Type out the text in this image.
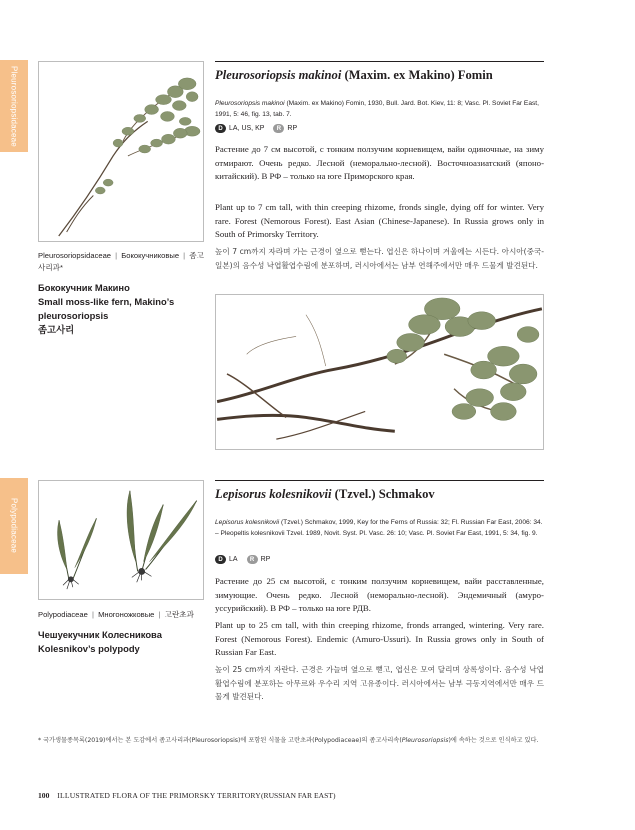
Pleurosoriopsidaceae
Polypodiaceae
Pleurosoriopsidaceae | Бококучниковые | 좀고사리과*
Бококучник Макино
Small moss-like fern, Makino’s
pleurosoriopsis
좀고사리
Pleurosoriopsis makinoi (Maxim. ex Makino) Fomin
Pleurosoriopsis makinoi (Maxim. ex Makino) Fomin, 1930, Bull. Jard. Bot. Kiev, 11: 8; Vasc. Pl. Soviet Far East, 1991, 5: 46, fig. 13, tab. 7.
D LA, US, KP	R RP
Растение до 7 см высотой, с тонким ползучим корневищем, вайи одиночные, на зиму отмирают. Очень редко. Лесной (неморально-лесной). Восточноазиатский (японо-китайский). В РФ – только на юге Приморского края.
Plant up to 7 cm tall, with thin creeping rhizome, fronds single, dying off for winter. Very rare. Forest (Nemorous Forest). East Asian (Chinese-Japanese). In Russia grows only in South of Primorsky Territory.
높이 7 cm까지 자라며 가는 근경이 옆으로 뻗는다. 엽신은 하나이며 겨울에는 시든다. 아시아(중국-일본)의 음수성 낙엽활엽수림에 분포하며, 러시아에서는 남부 연해주에서만 매우 드물게 발견된다.
Polypodiaceae | Многоножковые | 고란초과
Чешуекучник Колесникова
Kolesnikov’s polypody
Lepisorus kolesnikovii (Tzvel.) Schmakov
Lepisorus kolesnikovii (Tzvel.) Schmakov, 1999, Key for the Ferns of Russia: 32; Fl. Russian Far East, 2006: 34. – Pleopeltis kolesnikovii Tzvel. 1989, Novit. Syst. Pl. Vasc. 26: 10; Vasc. Pl. Soviet Far East, 1991, 5: 34, fig. 9.
D LA	R RP
Растение до 25 см высотой, с тонким ползучим корневищем, вайи расставленные, зимующие. Очень редко. Лесной (неморально-лесной). Эндемичный (амуро-уссурийский). В РФ – только на юге РДВ.
Plant up to 25 cm tall, with thin creeping rhizome, fronds arranged, wintering. Very rare. Forest (Nemorous Forest). Endemic (Amuro-Ussuri). In Russia grows only in South of Russian Far East.
높이 25 cm까지 자란다. 근경은 가늘며 옆으로 뻗고, 엽신은 모여 달리며 상록성이다. 음수성 낙엽활엽수림에 분포하는 아무르와 우수리 지역 고유종이다. 러시아에서는 남부 극동지역에서만 매우 드물게 발견된다.
* 국가생물종목록(2019)에서는 본 도감에서 좀고사리과(Pleurosoriopsis)에 포함된 식물을 고란초과(Polypodiaceae)의 좀고사리속(Pleurosoriopsis)에 속하는 것으로 인식하고 있다.
100 ILLUSTRATED FLORA OF THE PRIMORSKY TERRITORY(RUSSIAN FAR EAST)
